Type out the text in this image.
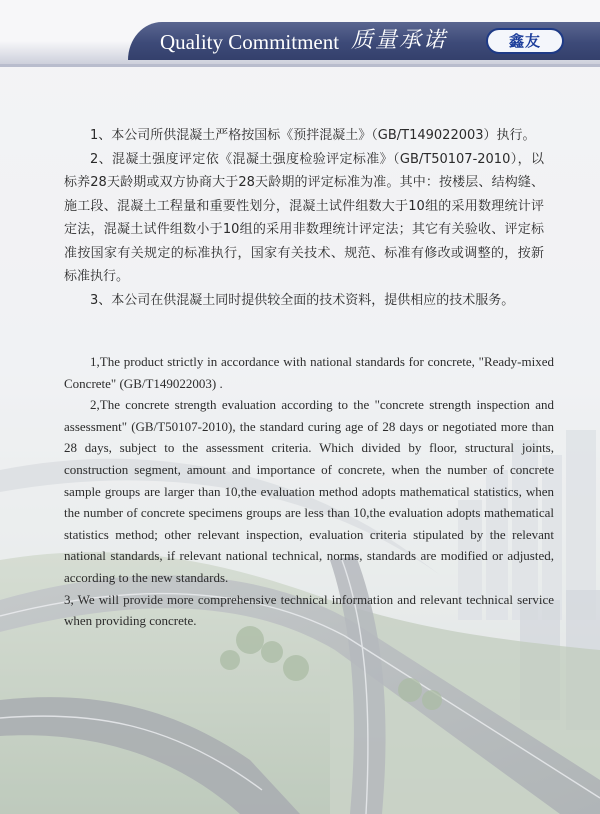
Quality Commitment 质量承诺	鑫友

1、本公司所供混凝土严格按国标《预拌混凝土》（GB/T149022003）执行。

2、混凝土强度评定依《混凝土强度检验评定标准》（GB/T50107-2010），以标养28天龄期或双方协商大于28天龄期的评定标准为准。其中：按楼层、结构缝、施工段、混凝土工程量和重要性划分，混凝土试件组数大于10组的采用数理统计评定法，混凝土试件组数小于10组的采用非数理统计评定法；其它有关验收、评定标准按国家有关规定的标准执行，国家有关技术、规范、标准有修改或调整的，按新标准执行。

3、本公司在供混凝土同时提供较全面的技术资料，提供相应的技术服务。

1,The product strictly in accordance with national standards for concrete, "Ready-mixed Concrete" (GB/T149022003) .

2,The concrete strength evaluation according to the "concrete strength inspection and assessment" (GB/T50107-2010), the standard curing age of 28 days or negotiated more than 28 days, subject to the assessment criteria. Which divided by floor, structural joints, construction segment, amount and importance of concrete, when the number of concrete sample groups are larger than 10,the evaluation method adopts mathematical statistics, when the number of concrete specimens groups are less than 10,the evaluation adopts mathematical statistics method; other relevant inspection, evaluation criteria stipulated by the relevant national standards, if relevant national technical, norms, standards are modified or adjusted, according to the new standards.

3, We will provide more comprehensive technical information and relevant technical service when providing concrete.
